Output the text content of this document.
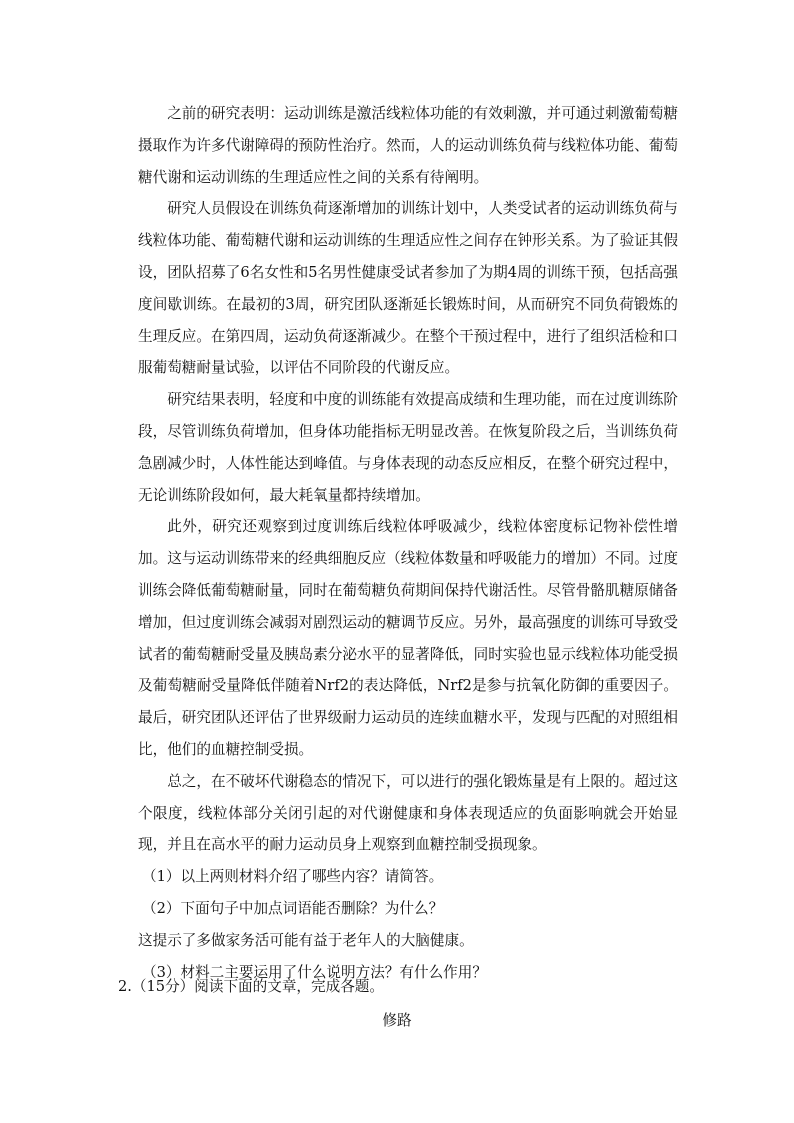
之前的研究表明：运动训练是激活线粒体功能的有效刺激，并可通过刺激葡萄糖摄取作为许多代谢障碍的预防性治疗。然而，人的运动训练负荷与线粒体功能、葡萄糖代谢和运动训练的生理适应性之间的关系有待阐明。

研究人员假设在训练负荷逐渐增加的训练计划中，人类受试者的运动训练负荷与线粒体功能、葡萄糖代谢和运动训练的生理适应性之间存在钟形关系。为了验证其假设，团队招募了6名女性和5名男性健康受试者参加了为期4周的训练干预，包括高强度间歇训练。在最初的3周，研究团队逐渐延长锻炼时间，从而研究不同负荷锻炼的生理反应。在第四周，运动负荷逐渐减少。在整个干预过程中，进行了组织活检和口服葡萄糖耐量试验，以评估不同阶段的代谢反应。

研究结果表明，轻度和中度的训练能有效提高成绩和生理功能，而在过度训练阶段，尽管训练负荷增加，但身体功能指标无明显改善。在恢复阶段之后，当训练负荷急剧减少时，人体性能达到峰值。与身体表现的动态反应相反，在整个研究过程中，无论训练阶段如何，最大耗氧量都持续增加。

此外，研究还观察到过度训练后线粒体呼吸减少，线粒体密度标记物补偿性增加。这与运动训练带来的经典细胞反应（线粒体数量和呼吸能力的增加）不同。过度训练会降低葡萄糖耐量，同时在葡萄糖负荷期间保持代谢活性。尽管骨骼肌糖原储备增加，但过度训练会减弱对剧烈运动的糖调节反应。另外，最高强度的训练可导致受试者的葡萄糖耐受量及胰岛素分泌水平的显著降低，同时实验也显示线粒体功能受损及葡萄糖耐受量降低伴随着Nrf2的表达降低，Nrf2是参与抗氧化防御的重要因子。最后，研究团队还评估了世界级耐力运动员的连续血糖水平，发现与匹配的对照组相比，他们的血糖控制受损。

总之，在不破坏代谢稳态的情况下，可以进行的强化锻炼量是有上限的。超过这个限度，线粒体部分关闭引起的对代谢健康和身体表现适应的负面影响就会开始显现，并且在高水平的耐力运动员身上观察到血糖控制受损现象。

（1）以上两则材料介绍了哪些内容？请简答。

（2）下面句子中加点词语能否删除？为什么？

这提示了多做家务活可能有益于老年人的大脑健康。

（3）材料二主要运用了什么说明方法？有什么作用？

2.（15分）阅读下面的文章，完成各题。

修路
